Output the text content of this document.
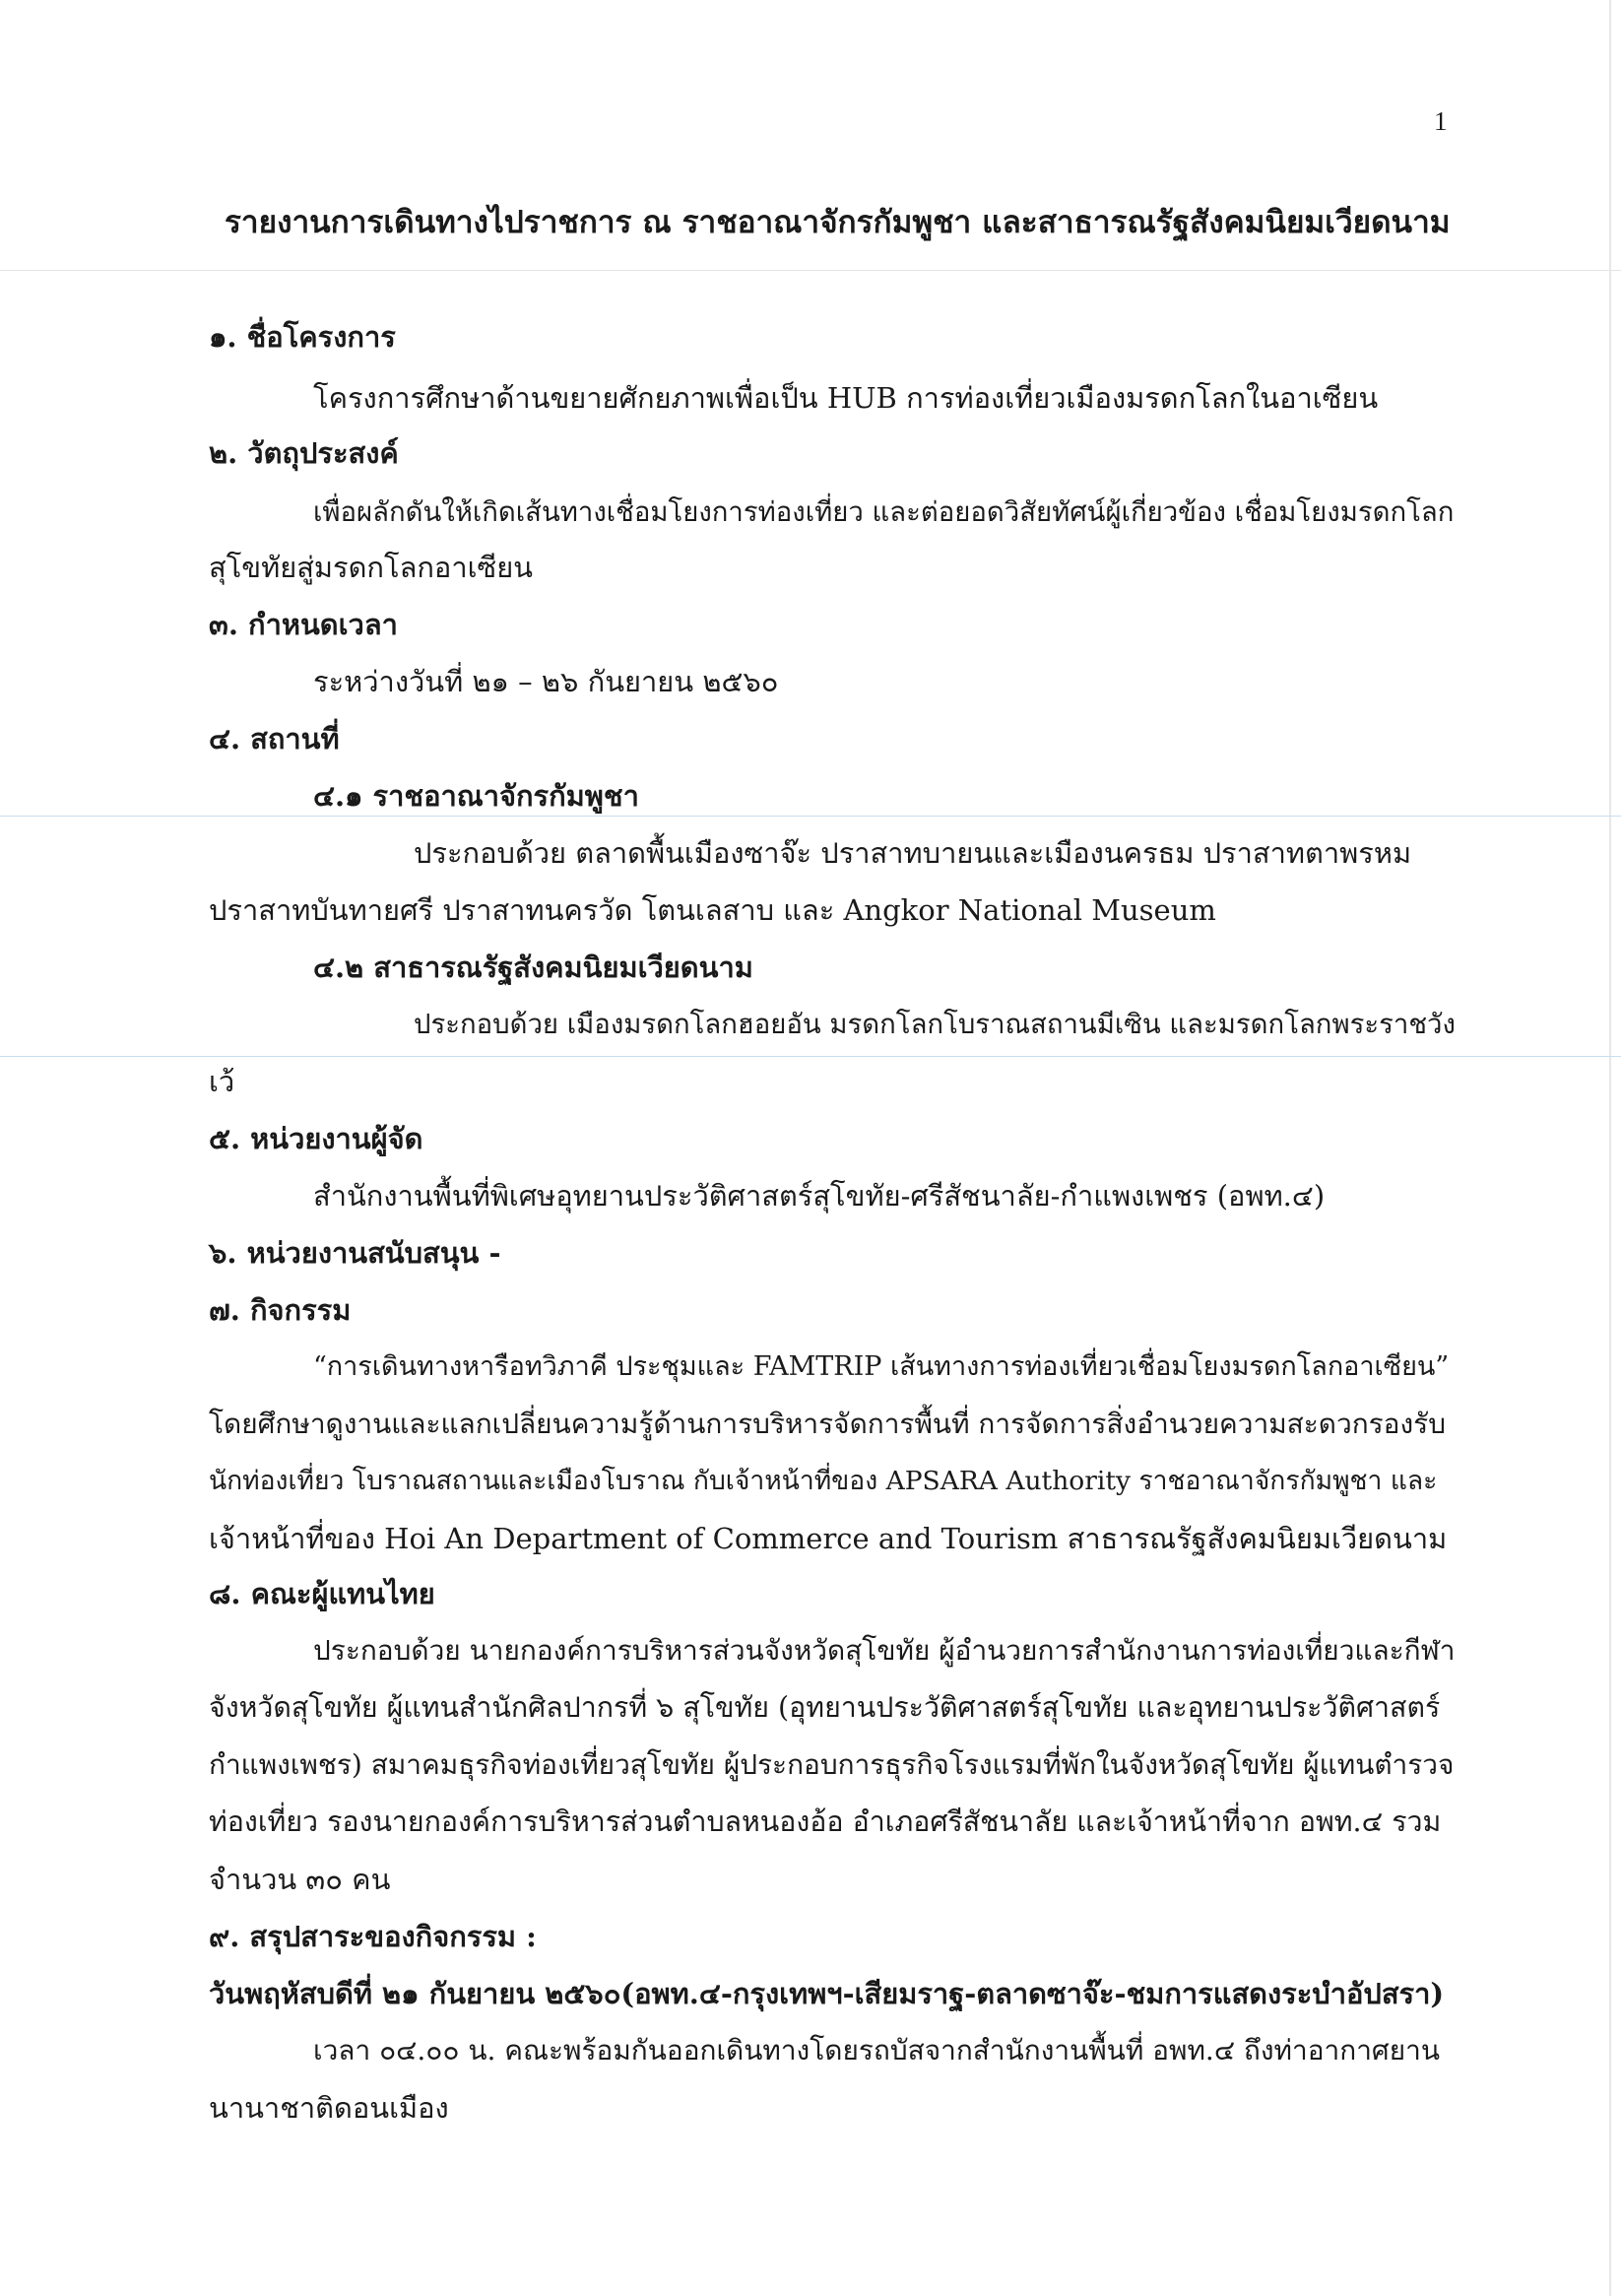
1
รายงานการเดินทางไปราชการ ณ ราชอาณาจักรกัมพูชา และสาธารณรัฐสังคมนิยมเวียดนาม
๑. ชื่อโครงการ
โครงการศึกษาด้านขยายศักยภาพเพื่อเป็น HUB การท่องเที่ยวเมืองมรดกโลกในอาเซียน
๒. วัตถุประสงค์
เพื่อผลักดันให้เกิดเส้นทางเชื่อมโยงการท่องเที่ยว และต่อยอดวิสัยทัศน์ผู้เกี่ยวข้อง เชื่อมโยงมรดกโลก
สุโขทัยสู่มรดกโลกอาเซียน
๓. กำหนดเวลา
ระหว่างวันที่ ๒๑ – ๒๖ กันยายน ๒๕๖๐
๔. สถานที่
๔.๑ ราชอาณาจักรกัมพูชา
ประกอบด้วย ตลาดพื้นเมืองซาจ๊ะ ปราสาทบายนและเมืองนครธม ปราสาทตาพรหม
ปราสาทบันทายศรี ปราสาทนครวัด โตนเลสาบ และ Angkor National Museum
๔.๒ สาธารณรัฐสังคมนิยมเวียดนาม
ประกอบด้วย เมืองมรดกโลกฮอยอัน มรดกโลกโบราณสถานมีเซิน และมรดกโลกพระราชวัง
เว้
๕. หน่วยงานผู้จัด
สำนักงานพื้นที่พิเศษอุทยานประวัติศาสตร์สุโขทัย-ศรีสัชนาลัย-กำแพงเพชร (อพท.๔)
๖. หน่วยงานสนับสนุน -
๗. กิจกรรม
“การเดินทางหารือทวิภาคี ประชุมและ FAMTRIP เส้นทางการท่องเที่ยวเชื่อมโยงมรดกโลกอาเซียน”
โดยศึกษาดูงานและแลกเปลี่ยนความรู้ด้านการบริหารจัดการพื้นที่ การจัดการสิ่งอำนวยความสะดวกรองรับ
นักท่องเที่ยว โบราณสถานและเมืองโบราณ กับเจ้าหน้าที่ของ APSARA Authority ราชอาณาจักรกัมพูชา และ
เจ้าหน้าที่ของ Hoi An Department of Commerce and Tourism สาธารณรัฐสังคมนิยมเวียดนาม
๘. คณะผู้แทนไทย
ประกอบด้วย นายกองค์การบริหารส่วนจังหวัดสุโขทัย ผู้อำนวยการสำนักงานการท่องเที่ยวและกีฬา
จังหวัดสุโขทัย ผู้แทนสำนักศิลปากรที่ ๖ สุโขทัย (อุทยานประวัติศาสตร์สุโขทัย และอุทยานประวัติศาสตร์
กำแพงเพชร) สมาคมธุรกิจท่องเที่ยวสุโขทัย ผู้ประกอบการธุรกิจโรงแรมที่พักในจังหวัดสุโขทัย ผู้แทนตำรวจ
ท่องเที่ยว รองนายกองค์การบริหารส่วนตำบลหนองอ้อ อำเภอศรีสัชนาลัย และเจ้าหน้าที่จาก อพท.๔ รวม
จำนวน ๓๐ คน
๙. สรุปสาระของกิจกรรม :
วันพฤหัสบดีที่ ๒๑ กันยายน ๒๕๖๐(อพท.๔-กรุงเทพฯ-เสียมราฐ-ตลาดซาจ๊ะ-ชมการแสดงระบำอัปสรา)
เวลา ๐๔.๐๐ น. คณะพร้อมกันออกเดินทางโดยรถบัสจากสำนักงานพื้นที่ อพท.๔ ถึงท่าอากาศยาน
นานาชาติดอนเมือง
